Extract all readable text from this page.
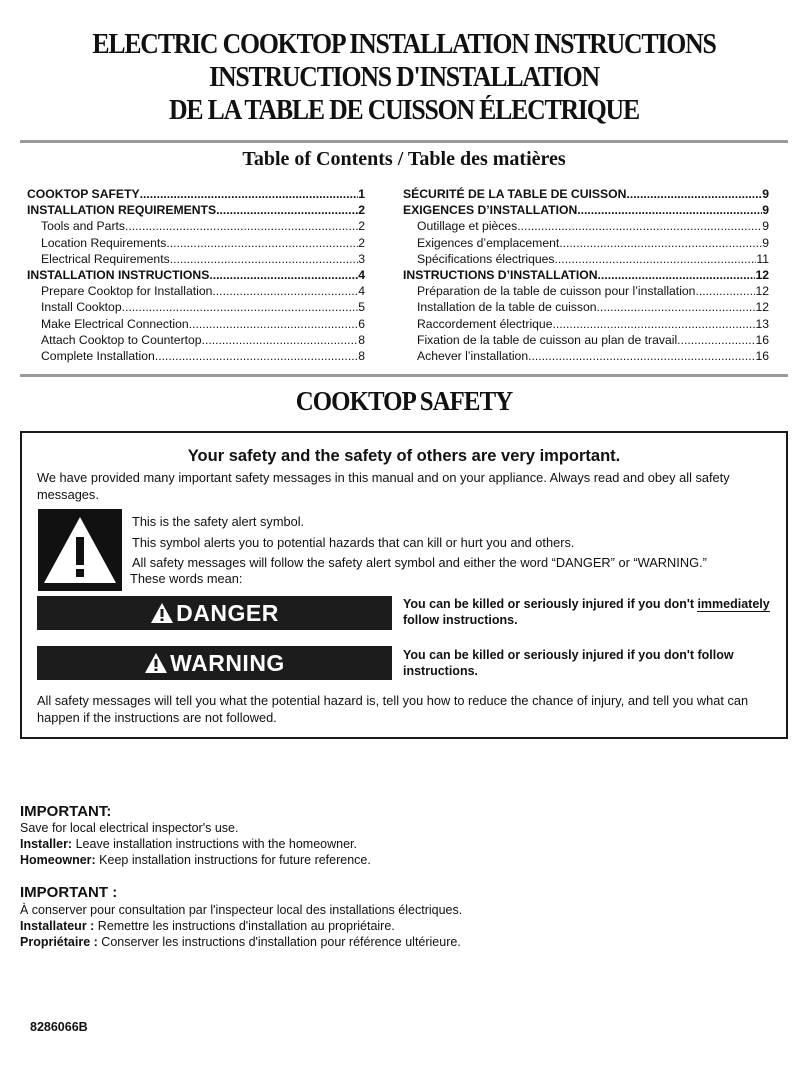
ELECTRIC COOKTOP INSTALLATION INSTRUCTIONS
INSTRUCTIONS D'INSTALLATION
DE LA TABLE DE CUISSON ÉLECTRIQUE
Table of Contents / Table des matières
COOKTOP SAFETY .....	1
INSTALLATION REQUIREMENTS .....	2
Tools and Parts .....	2
Location Requirements .....	2
Electrical Requirements .....	3
INSTALLATION INSTRUCTIONS .....	4
Prepare Cooktop for Installation .....	4
Install Cooktop .....	5
Make Electrical Connection .....	6
Attach Cooktop to Countertop .....	8
Complete Installation .....	8
SÉCURITÉ DE LA TABLE DE CUISSON .....	9
EXIGENCES D’INSTALLATION .....	9
Outillage et pièces .....	9
Exigences d’emplacement .....	9
Spécifications électriques .....	11
INSTRUCTIONS D’INSTALLATION .....	12
Préparation de la table de cuisson pour l’installation .....	12
Installation de la table de cuisson .....	12
Raccordement électrique .....	13
Fixation de la table de cuisson au plan de travail .....	16
Achever l’installation .....	16
COOKTOP SAFETY
Your safety and the safety of others are very important.
We have provided many important safety messages in this manual and on your appliance. Always read and obey all safety messages.
This is the safety alert symbol.
This symbol alerts you to potential hazards that can kill or hurt you and others.
All safety messages will follow the safety alert symbol and either the word “DANGER” or “WARNING.”
These words mean:
DANGER	You can be killed or seriously injured if you don't immediately
follow instructions.
WARNING	You can be killed or seriously injured if you don't follow instructions.
All safety messages will tell you what the potential hazard is, tell you how to reduce the chance of injury, and tell you what can happen if the instructions are not followed.
IMPORTANT:
Save for local electrical inspector's use.
Installer: Leave installation instructions with the homeowner.
Homeowner: Keep installation instructions for future reference.
IMPORTANT :
À conserver pour consultation par l'inspecteur local des installations électriques.
Installateur : Remettre les instructions d'installation au propriétaire.
Propriétaire : Conserver les instructions d'installation pour référence ultérieure.
8286066B
